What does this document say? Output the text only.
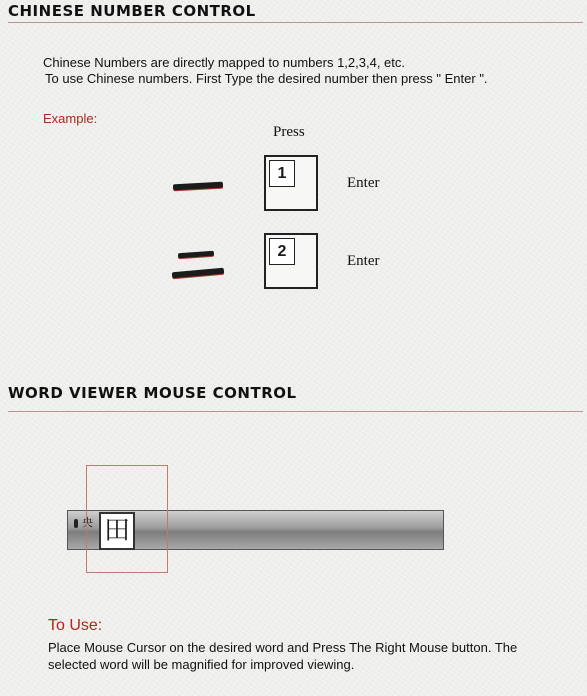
CHINESE NUMBER CONTROL
Chinese Numbers are directly mapped to numbers 1,2,3,4, etc.
To use Chinese numbers. First Type the desired number then press " Enter ".
Example:
Press
1
Enter
2
Enter
WORD VIEWER MOUSE CONTROL
央 田
To Use:
Place Mouse Cursor on the desired word and Press The Right Mouse button. The
selected word will be magnified for improved viewing.
